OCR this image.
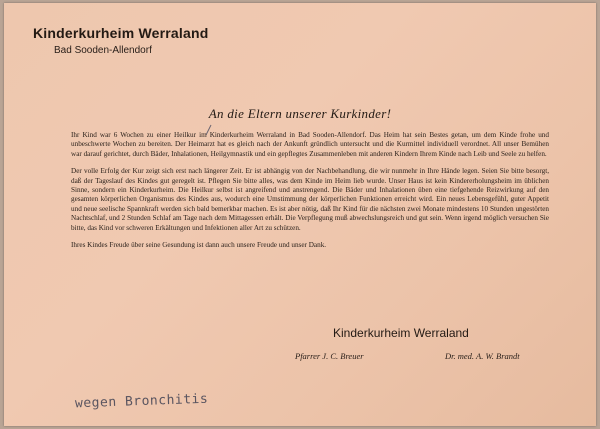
Kinderkurheim Werraland
Bad Sooden-Allendorf
An die Eltern unserer Kurkinder!

Ihr Kind war 6 Wochen zu einer Heilkur im Kinderkurheim Werraland in Bad Sooden-Allendorf. Das Heim hat sein Bestes getan, um dem Kinde frohe und unbeschwerte Wochen zu bereiten. Der Heimarzt hat es gleich nach der Ankunft gründlich untersucht und die Kurmittel individuell verordnet. All unser Bemühen war darauf gerichtet, durch Bäder, Inhalationen, Heilgymnastik und ein gepflegtes Zusammenleben mit anderen Kindern Ihrem Kinde nach Leib und Seele zu helfen.

Der volle Erfolg der Kur zeigt sich erst nach längerer Zeit. Er ist abhängig von der Nachbehandlung, die wir nunmehr in Ihre Hände legen. Seien Sie bitte besorgt, daß der Tageslauf des Kindes gut geregelt ist. Pflegen Sie bitte alles, was dem Kinde im Heim lieb wurde. Unser Haus ist kein Kindererholungsheim im üblichen Sinne, sondern ein Kinderkurheim. Die Heilkur selbst ist angreifend und anstrengend. Die Bäder und Inhalationen üben eine tiefgehende Reizwirkung auf den gesamten körperlichen Organismus des Kindes aus, wodurch eine Umstimmung der körperlichen Funktionen erreicht wird. Ein neues Lebensgefühl, guter Appetit und neue seelische Spannkraft werden sich bald bemerkbar machen. Es ist aber nötig, daß Ihr Kind für die nächsten zwei Monate mindestens 10 Stunden ungestörten Nachtschlaf, und 2 Stunden Schlaf am Tage nach dem Mittagessen erhält. Die Verpflegung muß abwechslungsreich und gut sein. Wenn irgend möglich versuchen Sie bitte, das Kind vor schweren Erkältungen und Infektionen aller Art zu schützen.

Ihres Kindes Freude über seine Gesundung ist dann auch unsere Freude und unser Dank.

Kinderkurheim Werraland
Pfarrer J. C. Breuer	Dr. med. A. W. Brandt
wegen Bronchitis
